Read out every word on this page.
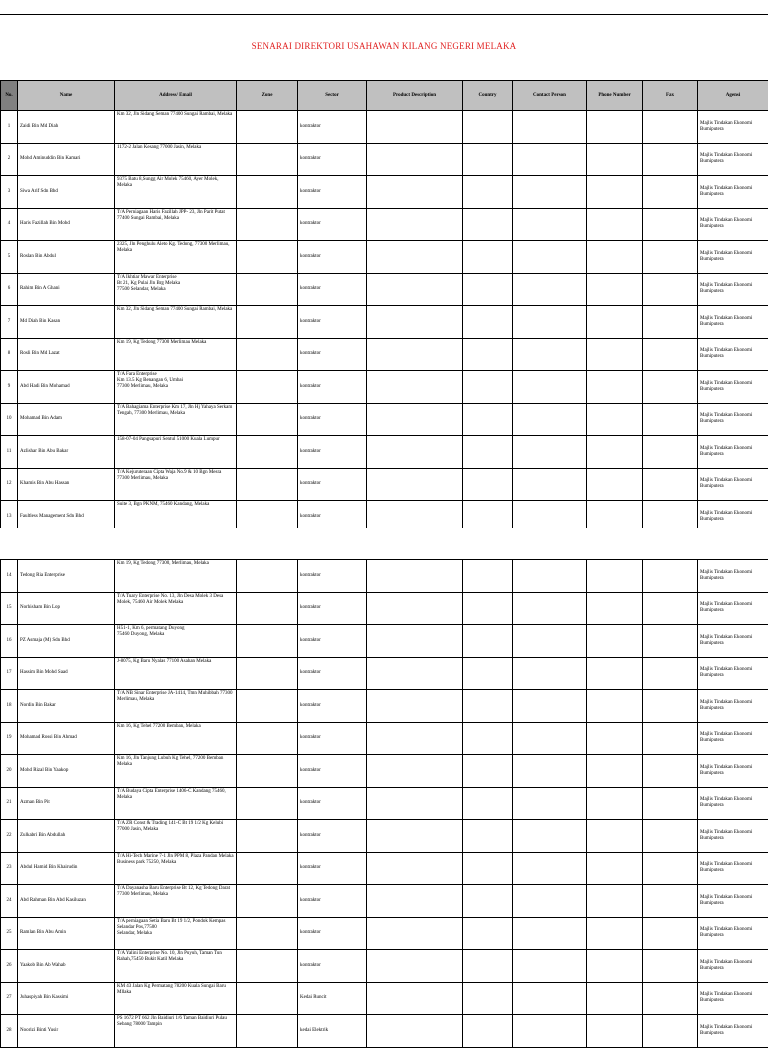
SENARAI DIREKTORI USAHAWAN KILANG NEGERI MELAKA
No.	Name	Address/ Email	Zone	Sector	Product Description	Country	Contact Person	Phone Number	Fax	Agensi
1	Zaidi Bin Md Diah	Km 32, Jln Sidang Seman 77400 Sungai Rambai, Melaka		kontraktor						Majlis Tindakan Ekonomi Bumiputera
2	Mohd Aminuddin Bin Kamari	1172-2 Jalan Kesang 77000 Jasin, Melaka		kontraktor						Majlis Tindakan Ekonomi Bumiputera
3	Siwa Arif Sdn Bhd	9375 Batu 8,Sungg Air Molek 75460, Ayer Molek, Melaka		kontraktor						Majlis Tindakan Ekonomi Bumiputera
4	Haris Fazillah Bin Mohd	T/A Perniagaan Haris Fazillah JPP- 23, Jln Parit Putat 77400 Sungai Rambai, Melaka		kontraktor						Majlis Tindakan Ekonomi Bumiputera
5	Roslan Bin Abdul	2325, Jln Penghulu Aleto Kg. Tedong, 77300 Merlimau, Melaka		kontraktor						Majlis Tindakan Ekonomi Bumiputera
6	Rahim Bin A Ghani	T/A Ikhtiar Mawar Enterprise
Bt 21, Kg Pulai Jln Brg Melaka
77500 Selandar, Melaka		kontraktor						Majlis Tindakan Ekonomi Bumiputera
7	Md Diah Bin Kasan	Km 32, Jln Sidang Seman 77400 Sungai Rambai, Melaka		kontraktor						Majlis Tindakan Ekonomi Bumiputera
8	Rosli Bin Md Lazat	Km 19, Kg Tedong 77300 Merlimau Melaka		kontraktor						Majlis Tindakan Ekonomi Bumiputera
9	Abd Hadi Bin Mohamad	T/A Fara Enterprise
Km 13.5 Kg Benangan 6, Umbai
77300 Merlimau, Melaka		kontraktor						Majlis Tindakan Ekonomi Bumiputera
10	Mohamad Bin Adam	T/A Bahagiama Enterprise Km 17, Jln Hj Yahaya Serkam Tengah, 77300 Merlimau, Melaka		kontraktor						Majlis Tindakan Ekonomi Bumiputera
11	Azlishar Bin Abu Bakar	158-07-04 Pangsapuri Sentul 51000 Kuala Lumpur		kontraktor						Majlis Tindakan Ekonomi Bumiputera
12	Khamis Bin Abu Hassan	T/A Kejuruteraan Cipta Waja No.9 & 10 Bgn Mesra 77300 Merlimau, Melaka		kontraktor						Majlis Tindakan Ekonomi Bumiputera
13	Faultless Management Sdn Bhd	Suite 3, Bgn PKNM, 75460 Kandang, Melaka		kontraktor						Majlis Tindakan Ekonomi Bumiputera
14	Tedong Ria Enterprise	Km 19, Kg Tedong 77300, Merlimau, Melaka		kontraktor						Majlis Tindakan Ekonomi Bumiputera
15	Norhisham Bin Lop	T/A Tuary Enterprise No. 13, Jln Desa Molek 3 Desa Molek, 75460 Air Molek Melaka		kontraktor						Majlis Tindakan Ekonomi Bumiputera
16	PZ Asmaja (M) Sdn Bhd	H51-1, Km 6, permatang Duyong
75460 Duyong, Melaka		kontraktor						Majlis Tindakan Ekonomi Bumiputera
17	Hassim Bin Mohd Saad	J-8075, Kg Baru Nyalas 77100 Asahan Melaka		kontraktor						Majlis Tindakan Ekonomi Bumiputera
18	Nordin Bin Bakar	T/A NB Sinar Enterprise JA-1414, Tmn Muhibbah 77300 Merlimau, Melaka		kontraktor						Majlis Tindakan Ekonomi Bumiputera
19	Mohamad Rossi Bin Ahmad	Km 16, Kg Tehel 77200 Bemban, Melaka		kontraktor						Majlis Tindakan Ekonomi Bumiputera
20	Mohd Rizal Bin Yaakop	Km 16, Jln Tanjung Lubuh Kg Tehel, 77200 Bemban Melaka		kontraktor						Majlis Tindakan Ekonomi Bumiputera
21	Azman Bin Pit	T/A Budaya Cipta Enterprise 1406-C Kandang 75460, Melaka		kontraktor						Majlis Tindakan Ekonomi Bumiputera
22	Zulkabri Bin Abdullah	T/A ZR Const & Trading 141-C Bt 19 1/2 Kg Kelubi 77000 Jasin, Melaka		kontraktor						Majlis Tindakan Ekonomi Bumiputera
23	Abdul Hamid Bin Khairudin	T/A Hi-Tech Marine 7-1 Jln PPM 8, Plaza Pandan Melaka
Business park 75250, Melaka		kontraktor						Majlis Tindakan Ekonomi Bumiputera
24	Abd Rahman Bin Abd Kasiluzan	T/A Dayanasha Baru Enterprise Bt 12, Kg Tedong Darat 77300 Merlimau, Melaka		kontraktor						Majlis Tindakan Ekonomi Bumiputera
25	Ramlan Bin Abu Amin	T/A perniagaan Setia Baru Bt 19 1/2, Pondok Kempas Selandar Pos,77500
Selandar, Melaka		kontraktor						Majlis Tindakan Ekonomi Bumiputera
26	Yaakob Bin Ab Wahab	T/A Yalini Enterprise No. 10, Jln Puyuh, Taman Tun Rahah,75450 Bukit Katil Melaka		kontraktor						Majlis Tindakan Ekonomi Bumiputera
27	Juhaspiyah Bin Kassimi	KM 43 Jalan Kg Permatang 78200 Kuala Sungai Baru Mllaka		Kedai Runcit						Majlis Tindakan Ekonomi Bumiputera
28	Noorizi Binti Yusir	PS 1672 PT 662 Jln Baidiuri 1/6 Taman Baidiuri Pulau Sebang 78000 Tampin		kedai Elektrik						Majlis Tindakan Ekonomi Bumiputera
